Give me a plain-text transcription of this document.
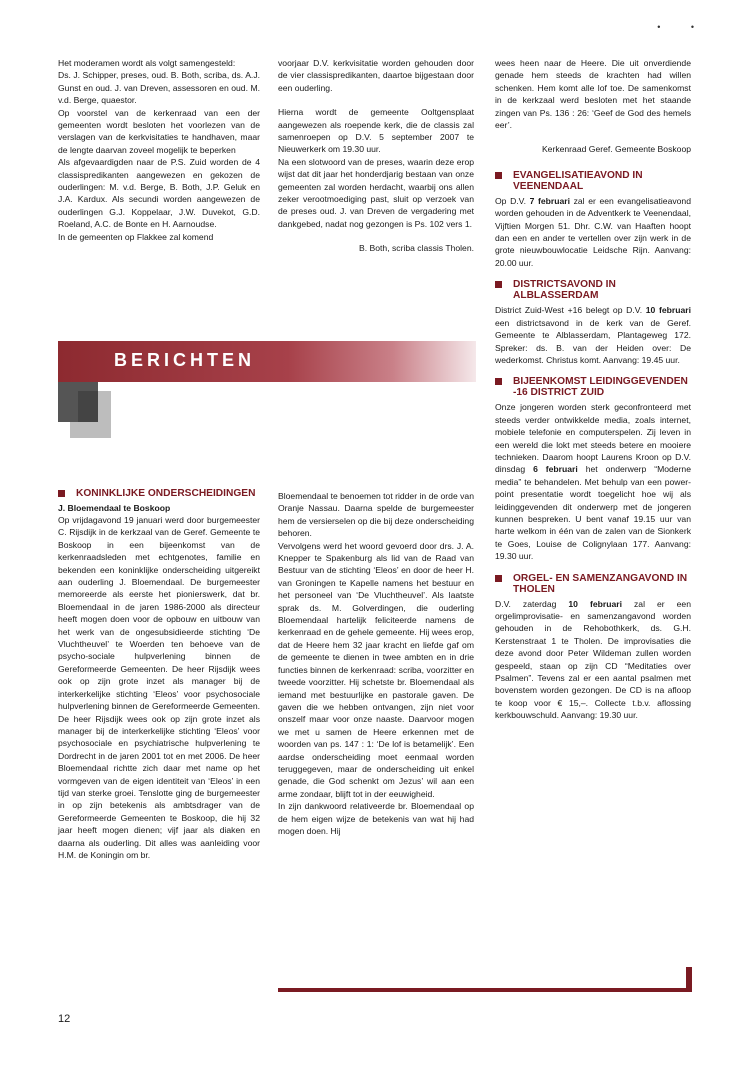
• •

Het moderamen wordt als volgt samengesteld:

Ds. J. Schipper, preses, oud. B. Both, scriba, ds. A.J. Gunst en oud. J. van Dreven, assessoren en oud. M. v.d. Berge, quaestor.

Op voorstel van de kerkenraad van een der gemeenten wordt besloten het voorlezen van de verslagen van de kerkvisitaties te handhaven, maar de lengte daarvan zoveel mogelijk te beperken

Als afgevaardigden naar de P.S. Zuid worden de 4 classispredikanten aangewezen en gekozen de ouderlingen: M. v.d. Berge, B. Both, J.P. Geluk en J.A. Kardux. Als secundi worden aangewezen de ouderlingen G.J. Koppelaar, J.W. Duvekot, G.D. Roeland, A.C. de Bonte en H. Aarnoudse.

In de gemeenten op Flakkee zal komend

voorjaar D.V. kerkvisitatie worden gehouden door de vier classispredikanten, daartoe bijgestaan door een ouderling.

Hierna wordt de gemeente Ooltgensplaat aangewezen als roepende kerk, die de classis zal samenroepen op D.V. 5 september 2007 te Nieuwerkerk om 19.30 uur.

Na een slotwoord van de preses, waarin deze erop wijst dat dit jaar het honderdjarig bestaan van onze gemeenten zal worden herdacht, waarbij ons allen zeker verootmoediging past, sluit op verzoek van de preses oud. J. van Dreven de vergadering met dankgebed, nadat nog gezongen is Ps. 102 vers 1.

B. Both, scriba classis Tholen.

wees heen naar de Heere. Die uit onverdiende genade hem steeds de krachten had willen schenken. Hem komt alle lof toe. De samenkomst in de kerkzaal werd besloten met het staande zingen van Ps. 136 : 26: ‘Geef de God des hemels eer’.

Kerkenraad Geref. Gemeente Boskoop

EVANGELISATIEAVOND IN VEENENDAAL

Op D.V. 7 februari zal er een evangelisatieavond worden gehouden in de Adventkerk te Veenendaal, Vijftien Morgen 51. Dhr. C.W. van Haaften hoopt dan een en ander te vertellen over zijn werk in de grote nieuwbouwlocatie Leidsche Rijn. Aanvang: 20.00 uur.

DISTRICTSAVOND IN ALBLASSERDAM

District Zuid-West +16 belegt op D.V. 10 februari een districtsavond in de kerk van de Geref. Gemeente te Alblasserdam, Plantageweg 172. Spreker: ds. B. van der Heiden over: De wederkomst. Christus komt. Aanvang: 19.45 uur.

BIJEENKOMST LEIDINGGEVENDEN -16 DISTRICT ZUID

Onze jongeren worden sterk geconfronteerd met steeds verder ontwikkelde media, zoals internet, mobiele telefonie en computerspelen. Zij leven in een wereld die lokt met steeds betere en mooiere technieken. Daarom hoopt Laurens Kroon op D.V. dinsdag 6 februari het onderwerp “Moderne media” te behandelen. Met behulp van een power-point presentatie wordt toegelicht hoe wij als leidinggevenden dit onderwerp met de jongeren kunnen bespreken. U bent vanaf 19.15 uur van harte welkom in één van de zalen van de Sionkerk te Goes, Louise de Colignylaan 177. Aanvang: 19.30 uur.

ORGEL- EN SAMENZANGAVOND IN THOLEN

D.V. zaterdag 10 februari zal er een orgelimprovisatie- en samenzangavond worden gehouden in de Rehobothkerk, ds. G.H. Kerstenstraat 1 te Tholen. De improvisaties die deze avond door Peter Wildeman zullen worden gespeeld, staan op zijn CD “Meditaties over Psalmen”. Tevens zal er een aantal psalmen met bovenstem worden gezongen. De CD is na afloop te koop voor € 15,–. Collecte t.b.v. aflossing kerkbouwschuld. Aanvang: 19.30 uur.

BERICHTEN
KONINKLIJKE ONDERSCHEIDINGEN
J. Bloemendaal te Boskoop

Op vrijdagavond 19 januari werd door burgemeester C. Rijsdijk in de kerkzaal van de Geref. Gemeente te Boskoop in een bijeenkomst van de kerkenraadsleden met echtgenotes, familie en bekenden een koninklijke onderscheiding uitgereikt aan ouderling J. Bloemendaal. De burgemeester memoreerde als eerste het pionierswerk, dat br. Bloemendaal in de jaren 1986-2000 als directeur heeft mogen doen voor de opbouw en uitbouw van het werk van de ongesubsidieerde stichting ‘De Vluchtheuvel’ te Woerden ten behoeve van de psycho-sociale hulpverlening binnen de Gereformeerde Gemeenten. De heer Rijsdijk wees ook op zijn grote inzet als manager bij de interkerkelijke stichting ‘Eleos’ voor psychosociale hulpverlening binnen de Gereformeerde Gemeenten. De heer Rijsdijk wees ook op zijn grote inzet als manager bij de interkerkelijke stichting ‘Eleos’ voor psychosociale en psychiatrische hulpverlening te Dordrecht in de jaren 2001 tot en met 2006. De heer Bloemendaal richtte zich daar met name op het vormgeven van de eigen identiteit van ‘Eleos’ in een tijd van sterke groei. Tenslotte ging de burgemeester in op zijn betekenis als ambtsdrager van de Gereformeerde Gemeenten te Boskoop, die hij 32 jaar heeft mogen dienen; vijf jaar als diaken en daarna als ouderling. Dit alles was aanleiding voor H.M. de Koningin om br.

Bloemendaal te benoemen tot ridder in de orde van Oranje Nassau. Daarna spelde de burgemeester hem de versierselen op die bij deze onderscheiding behoren.

Vervolgens werd het woord gevoerd door drs. J. A. Knepper te Spakenburg als lid van de Raad van Bestuur van de stichting ‘Eleos’ en door de heer H. van Groningen te Kapelle namens het bestuur en het personeel van ‘De Vluchtheuvel’. Als laatste sprak ds. M. Golverdingen, die ouderling Bloemendaal hartelijk feliciteerde namens de kerkenraad en de gehele gemeente. Hij wees erop, dat de Heere hem 32 jaar kracht en liefde gaf om de gemeente te dienen in twee ambten en in drie functies binnen de kerkenraad: scriba, voorzitter en tweede voorzitter. Hij schetste br. Bloemendaal als iemand met bestuurlijke en pastorale gaven. De gaven die we hebben ontvangen, zijn niet voor onszelf maar voor onze naaste. Daarvoor mogen we met u samen de Heere erkennen met de woorden van ps. 147 : 1: ‘De lof is betamelijk’. Een aardse onderscheiding moet eenmaal worden teruggegeven, maar de onderscheiding uit enkel genade, die God schenkt om Jezus’ wil aan een arme zondaar, blijft tot in der eeuwigheid.

In zijn dankwoord relativeerde br. Bloemendaal op de hem eigen wijze de betekenis van wat hij had mogen doen. Hij

12
